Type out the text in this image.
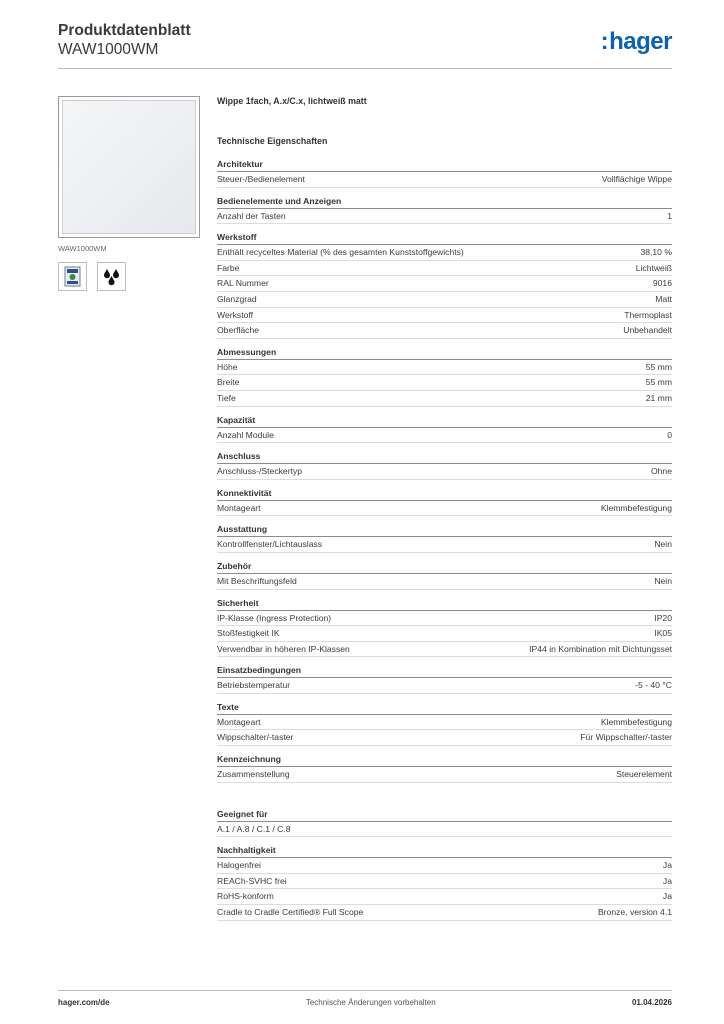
Produktdatenblatt
WAW1000WM	:hager
WAW1000WM
Wippe 1fach, A.x/C.x, lichtweiß matt
Technische Eigenschaften
Architektur
Steuer-/Bedienelement	Vollflächige Wippe
Bedienelemente und Anzeigen
Anzahl der Tasten	1
Werkstoff
Enthält recyceltes Material (% des gesamten Kunststoffgewichts)	38,10 %
Farbe	Lichtweiß
RAL Nummer	9016
Glanzgrad	Matt
Werkstoff	Thermoplast
Oberfläche	Unbehandelt
Abmessungen
Höhe	55 mm
Breite	55 mm
Tiefe	21 mm
Kapazität
Anzahl Module	0
Anschluss
Anschluss-/Steckertyp	Ohne
Konnektivität
Montageart	Klemmbefestigung
Ausstattung
Kontrollfenster/Lichtauslass	Nein
Zubehör
Mit Beschriftungsfeld	Nein
Sicherheit
IP-Klasse (Ingress Protection)	IP20
Stoßfestigkeit IK	IK05
Verwendbar in höheren IP-Klassen	IP44 in Kombination mit Dichtungsset
Einsatzbedingungen
Betriebstemperatur	-5 - 40 °C
Texte
Montageart	Klemmbefestigung
Wippschalter/-taster	Für Wippschalter/-taster
Kennzeichnung
Zusammenstellung	Steuerelement
Geeignet für
A.1 / A.8 / C.1 / C.8
Nachhaltigkeit
Halogenfrei	Ja
REACh-SVHC frei	Ja
RoHS-konform	Ja
Cradle to Cradle Certified® Full Scope	Bronze, version 4.1
hager.com/de	Technische Änderungen vorbehalten	01.04.2026
